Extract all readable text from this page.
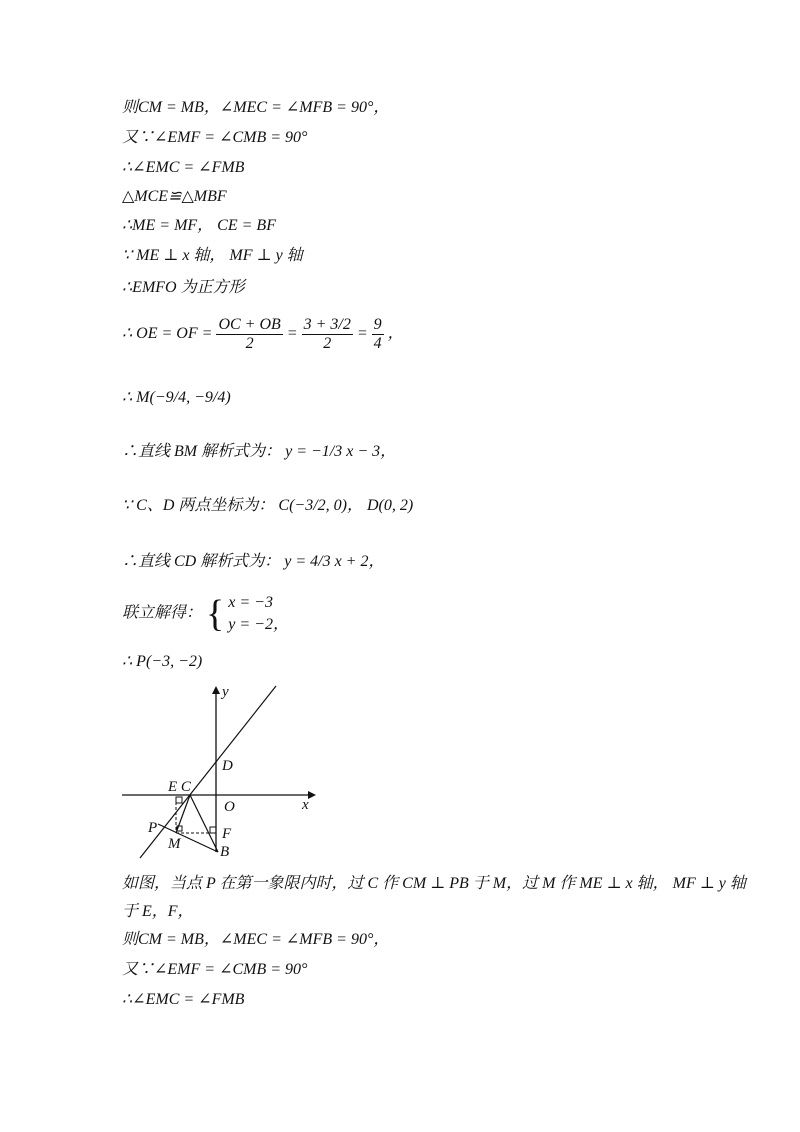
则CM = MB，∠MEC = ∠MFB = 90°，
又∵∠EMF = ∠CMB = 90°
∴∠EMC = ∠FMB
△MCE≌△MBF
∴ME = MF， CE = BF
∵ ME ⊥ x 轴， MF ⊥ y 轴
∴EMFO 为正方形
∴ OE = OF = $\frac{OC + OB}{2} = \frac{3 + 3/2}{2} = \frac{9}{4}$ ，
∴ M(−9/4, −9/4)
∴直线 BM 解析式为： y = −1/3 x − 3，
∵ C、D 两点坐标为： C(−3/2, 0)， D(0, 2)
∴直线 CD 解析式为： y = 4/3 x + 2，
联立解得： { x = −3
y = −2，
∴ P(−3, −2)
y
x
D
O
E C
P
M
F
B
如图，当点 P 在第一象限内时，过 C 作 CM ⊥ PB 于 M，过 M 作 ME ⊥ x 轴， MF ⊥ y 轴
于 E，F，
则CM = MB，∠MEC = ∠MFB = 90°，
又∵∠EMF = ∠CMB = 90°
∴∠EMC = ∠FMB
